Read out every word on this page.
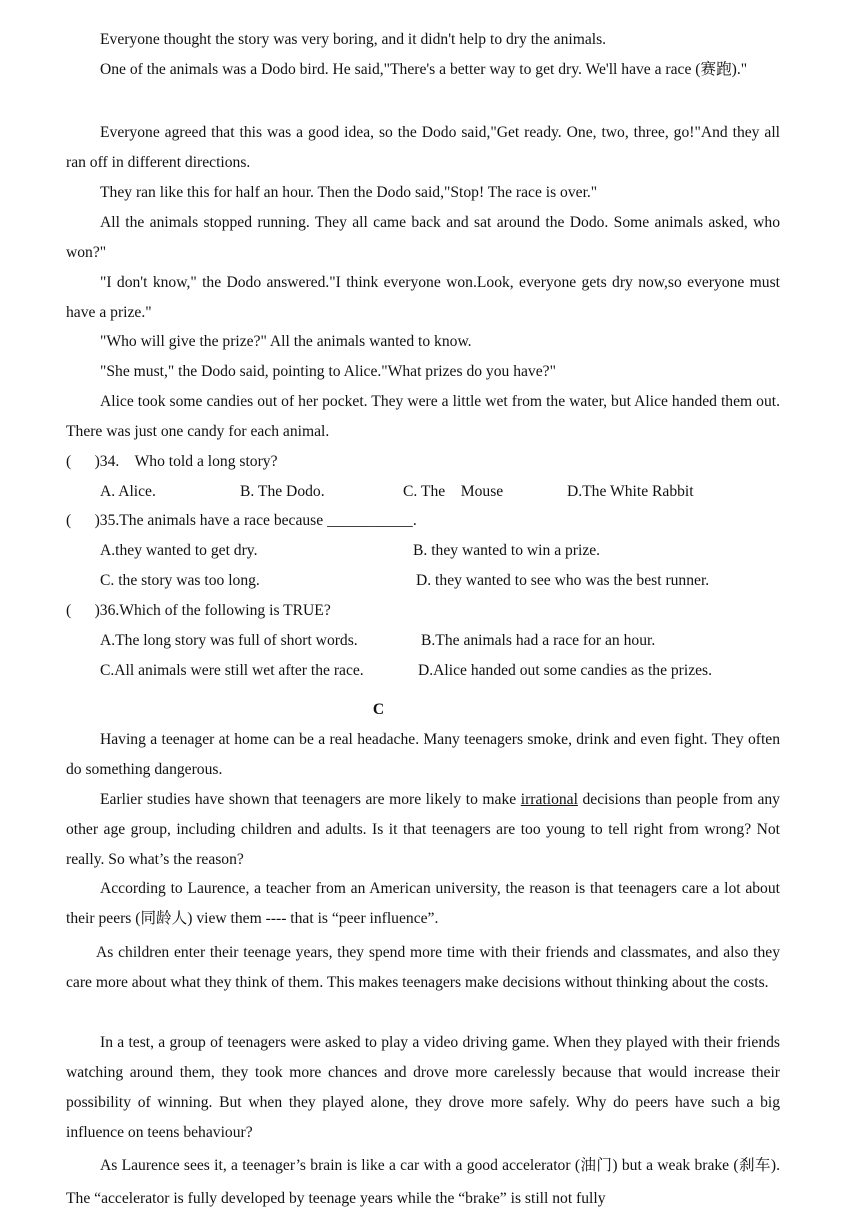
Everyone thought the story was very boring, and it didn't help to dry the animals.

One of the animals was a Dodo bird. He said,"There's a better way to get dry. We'll have a race (赛跑)."

Everyone agreed that this was a good idea, so the Dodo said,"Get ready. One, two, three, go!"And they all ran off in different directions.

They ran like this for half an hour. Then the Dodo said,"Stop! The race is over."

All the animals stopped running. They all came back and sat around the Dodo. Some animals asked, who won?"

"I don't know," the Dodo answered."I think everyone won.Look, everyone gets dry now,so everyone must have a prize."

"Who will give the prize?" All the animals wanted to know.

"She must," the Dodo said, pointing to Alice."What prizes do you have?"

Alice took some candies out of her pocket. They were a little wet from the water, but Alice handed them out. There was just one candy for each animal.

(      )34.    Who told a long story?
A. Alice.	B. The Dodo.	C. The    Mouse	D.The White Rabbit
(      )35.The animals have a race because ___________.
A.they wanted to get dry.	B. they wanted to win a prize.
C. the story was too long.	D. they wanted to see who was the best runner.
(      )36.Which of the following is TRUE?
A.The long story was full of short words.	B.The animals had a race for an hour.
C.All animals were still wet after the race.	D.Alice handed out some candies as the prizes.
C

Having a teenager at home can be a real headache. Many teenagers smoke, drink and even fight. They often do something dangerous.

Earlier studies have shown that teenagers are more likely to make irrational decisions than people from any other age group, including children and adults. Is it that teenagers are too young to tell right from wrong? Not really. So what’s the reason?

According to Laurence, a teacher from an American university, the reason is that teenagers care a lot about their peers (同龄人) view them ---- that is “peer influence”.

As children enter their teenage years, they spend more time with their friends and classmates, and also they care more about what they think of them. This makes teenagers make decisions without thinking about the costs.

In a test, a group of teenagers were asked to play a video driving game. When they played with their friends watching around them, they took more chances and drove more carelessly because that would increase their possibility of winning. But when they played alone, they drove more safely. Why do peers have such a big influence on teens behaviour?

As Laurence sees it, a teenager’s brain is like a car with a good accelerator (油门) but a weak brake (刹车). The “accelerator is fully developed by teenage years while the “brake” is still not fully
